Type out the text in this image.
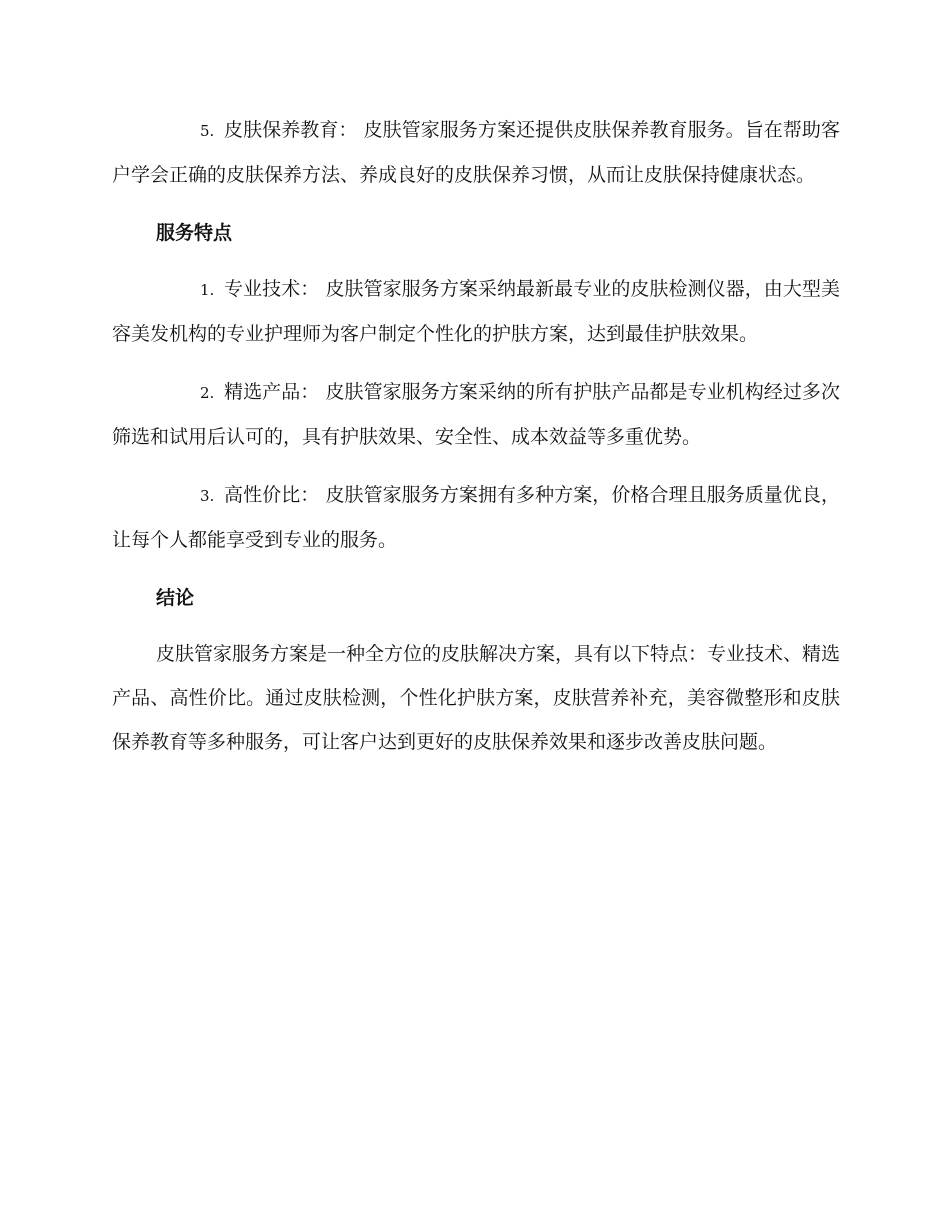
5. 皮肤保养教育： 皮肤管家服务方案还提供皮肤保养教育服务。旨在帮助客户学会正确的皮肤保养方法、养成良好的皮肤保养习惯，从而让皮肤保持健康状态。

服务特点

1. 专业技术： 皮肤管家服务方案采纳最新最专业的皮肤检测仪器，由大型美容美发机构的专业护理师为客户制定个性化的护肤方案，达到最佳护肤效果。

2. 精选产品： 皮肤管家服务方案采纳的所有护肤产品都是专业机构经过多次筛选和试用后认可的，具有护肤效果、安全性、成本效益等多重优势。

3. 高性价比： 皮肤管家服务方案拥有多种方案，价格合理且服务质量优良，让每个人都能享受到专业的服务。

结论

皮肤管家服务方案是一种全方位的皮肤解决方案，具有以下特点：专业技术、精选产品、高性价比。通过皮肤检测，个性化护肤方案，皮肤营养补充，美容微整形和皮肤保养教育等多种服务，可让客户达到更好的皮肤保养效果和逐步改善皮肤问题。
